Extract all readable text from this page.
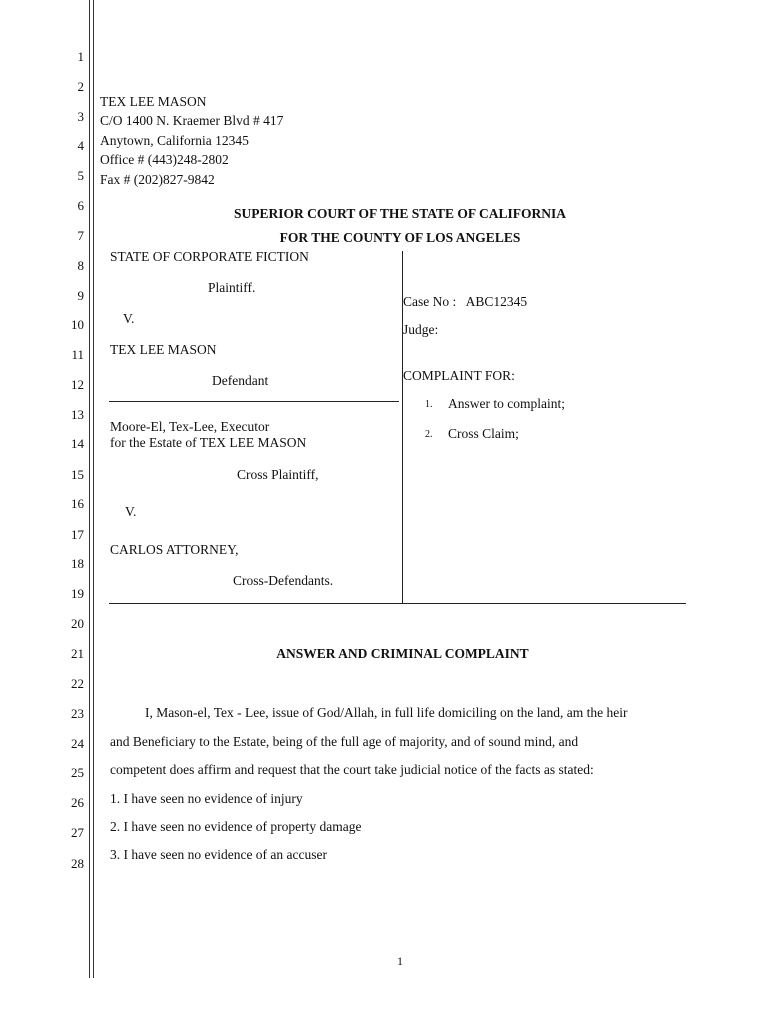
1
2
3
4
5
6
7
8
9
10
11
12
13
14
15
16
17
18
19
20
21
22
23
24
25
26
27
28
TEX LEE MASON
C/O 1400 N. Kraemer Blvd # 417
Anytown, California 12345
Office # (443)248-2802
Fax # (202)827-9842
SUPERIOR COURT OF THE STATE OF CALIFORNIA
FOR THE COUNTY OF LOS ANGELES
STATE OF CORPORATE FICTION
Plaintiff.
V.
TEX LEE MASON
Defendant
Moore-El, Tex-Lee, Executor
for the Estate of TEX LEE MASON
Cross Plaintiff,
V.
CARLOS ATTORNEY,
Cross-Defendants.
Case No :   ABC12345
Judge:
COMPLAINT FOR:
1. Answer to complaint;
2. Cross Claim;
ANSWER AND CRIMINAL COMPLAINT
I, Mason-el, Tex - Lee, issue of God/Allah, in full life domiciling on the land, am the heir
and Beneficiary to the Estate, being of the full age of majority, and of sound mind, and
competent does affirm and request that the court take judicial notice of the facts as stated:
1. I have seen no evidence of injury
2. I have seen no evidence of property damage
3. I have seen no evidence of an accuser
1
